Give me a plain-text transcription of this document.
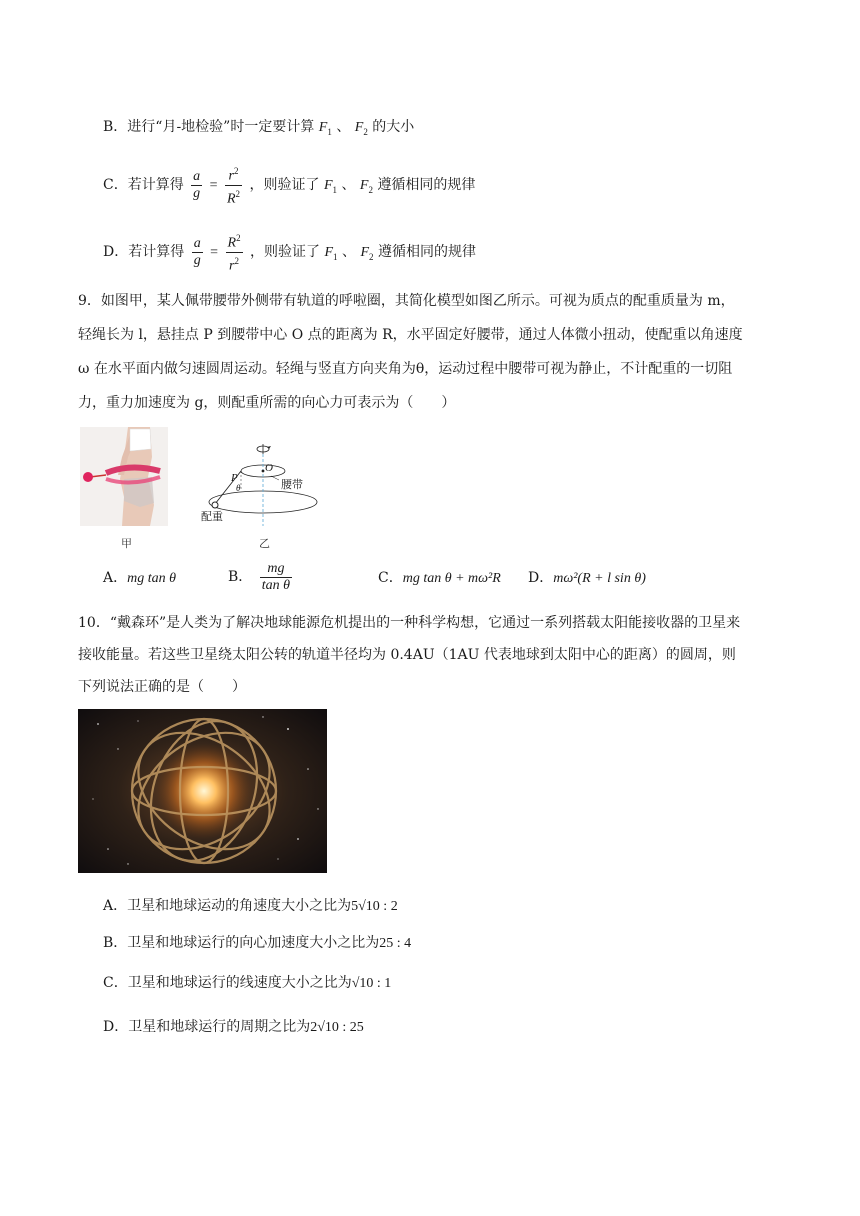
B．进行“月-地检验”时一定要计算 $F_1$ 、 $F_2$ 的大小
C．若计算得 $\frac{a}{g} = \frac{r^2}{R^2}$ ，则验证了 $F_1$ 、 $F_2$ 遵循相同的规律
D．若计算得 $\frac{a}{g} = \frac{R^2}{r^2}$ ，则验证了 $F_1$ 、 $F_2$ 遵循相同的规律
9．如图甲，某人佩带腰带外侧带有轨道的呼啦圈，其简化模型如图乙所示。可视为质点的配重质量为 m，
轻绳长为 l，悬挂点 P 到腰带中心 O 点的距离为 R，水平固定好腰带，通过人体微小扭动，使配重以角速度
ω 在水平面内做匀速圆周运动。轻绳与竖直方向夹角为θ，运动过程中腰带可视为静止，不计配重的一切阻
力，重力加速度为 g，则配重所需的向心力可表示为（　　）
甲
O
P
θ	腰带
配重
乙
A．mg tan θ	B． $\frac{mg}{\text{tan θ}}$	C．mg tan θ + mω²R D．mω²(R + l sin θ)
10．“戴森环”是人类为了解决地球能源危机提出的一种科学构想，它通过一系列搭载太阳能接收器的卫星来
接收能量。若这些卫星绕太阳公转的轨道半径均为 0.4AU（1AU 代表地球到太阳中心的距离）的圆周，则
下列说法正确的是（　　）
A．卫星和地球运动的角速度大小之比为5√10 : 2
B．卫星和地球运行的向心加速度大小之比为25 : 4
C．卫星和地球运行的线速度大小之比为√10 : 1
D．卫星和地球运行的周期之比为2√10 : 25
